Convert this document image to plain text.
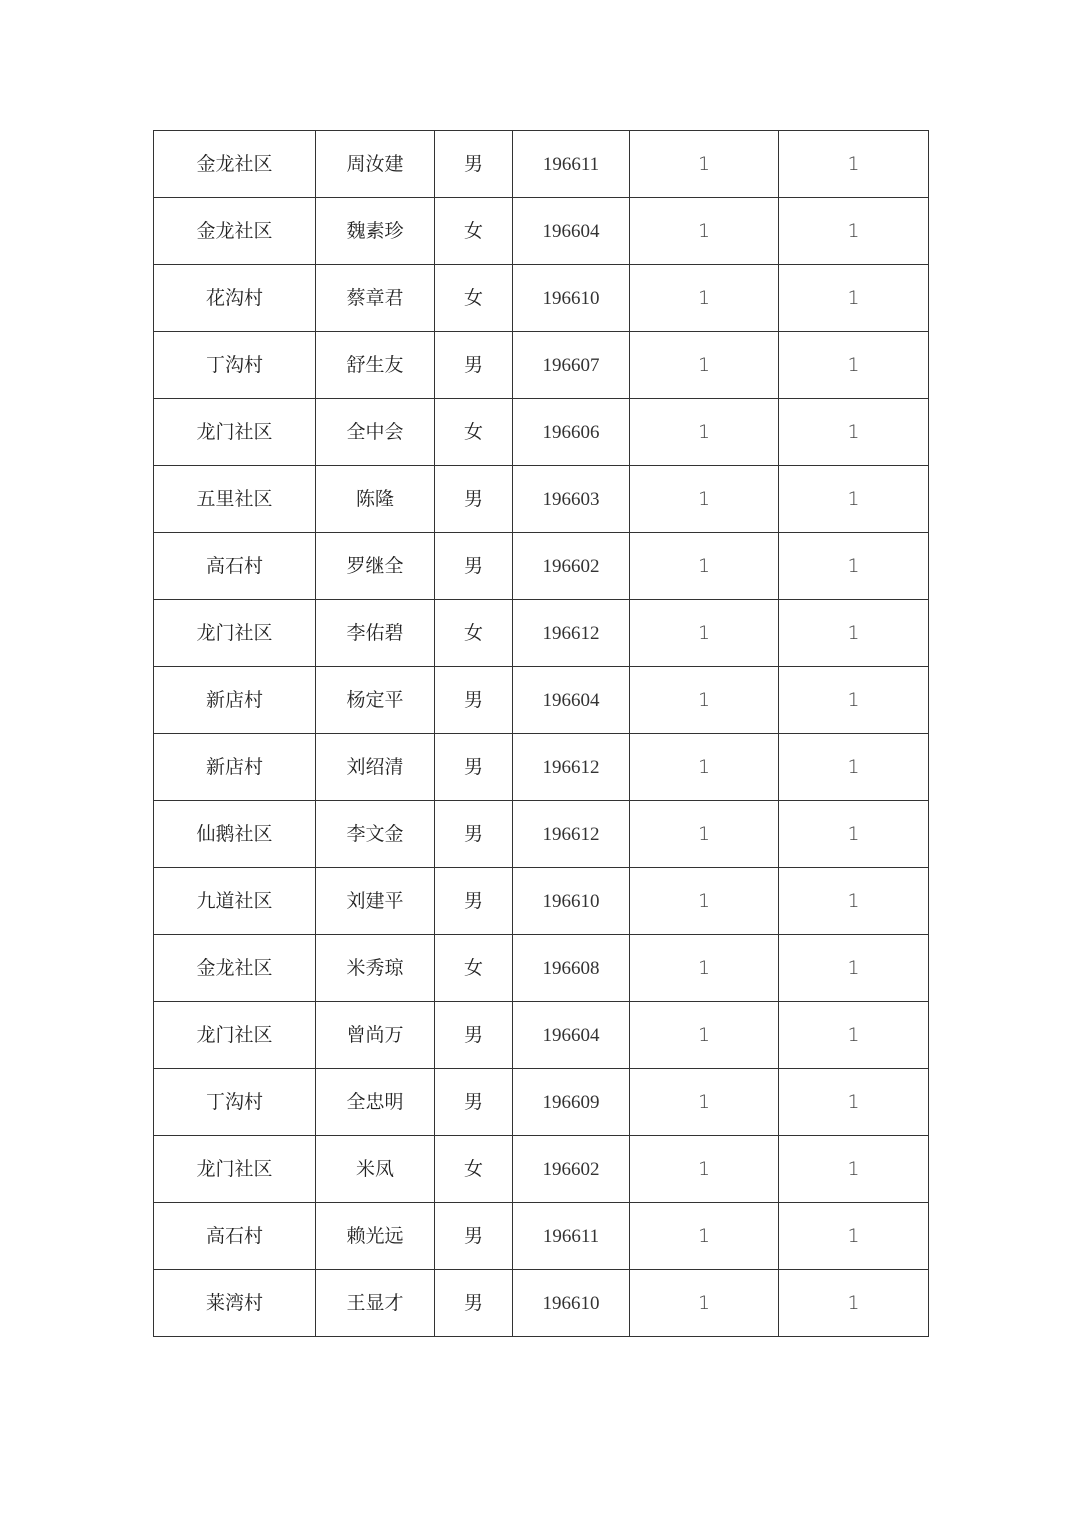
金龙社区	周汝建	男	196611	1	1
金龙社区	魏素珍	女	196604	1	1
花沟村	蔡章君	女	196610	1	1
丁沟村	舒生友	男	196607	1	1
龙门社区	全中会	女	196606	1	1
五里社区	陈隆	男	196603	1	1
高石村	罗继全	男	196602	1	1
龙门社区	李佑碧	女	196612	1	1
新店村	杨定平	男	196604	1	1
新店村	刘绍清	男	196612	1	1
仙鹅社区	李文金	男	196612	1	1
九道社区	刘建平	男	196610	1	1
金龙社区	米秀琼	女	196608	1	1
龙门社区	曾尚万	男	196604	1	1
丁沟村	全忠明	男	196609	1	1
龙门社区	米凤	女	196602	1	1
高石村	赖光远	男	196611	1	1
莱湾村	王显才	男	196610	1	1
